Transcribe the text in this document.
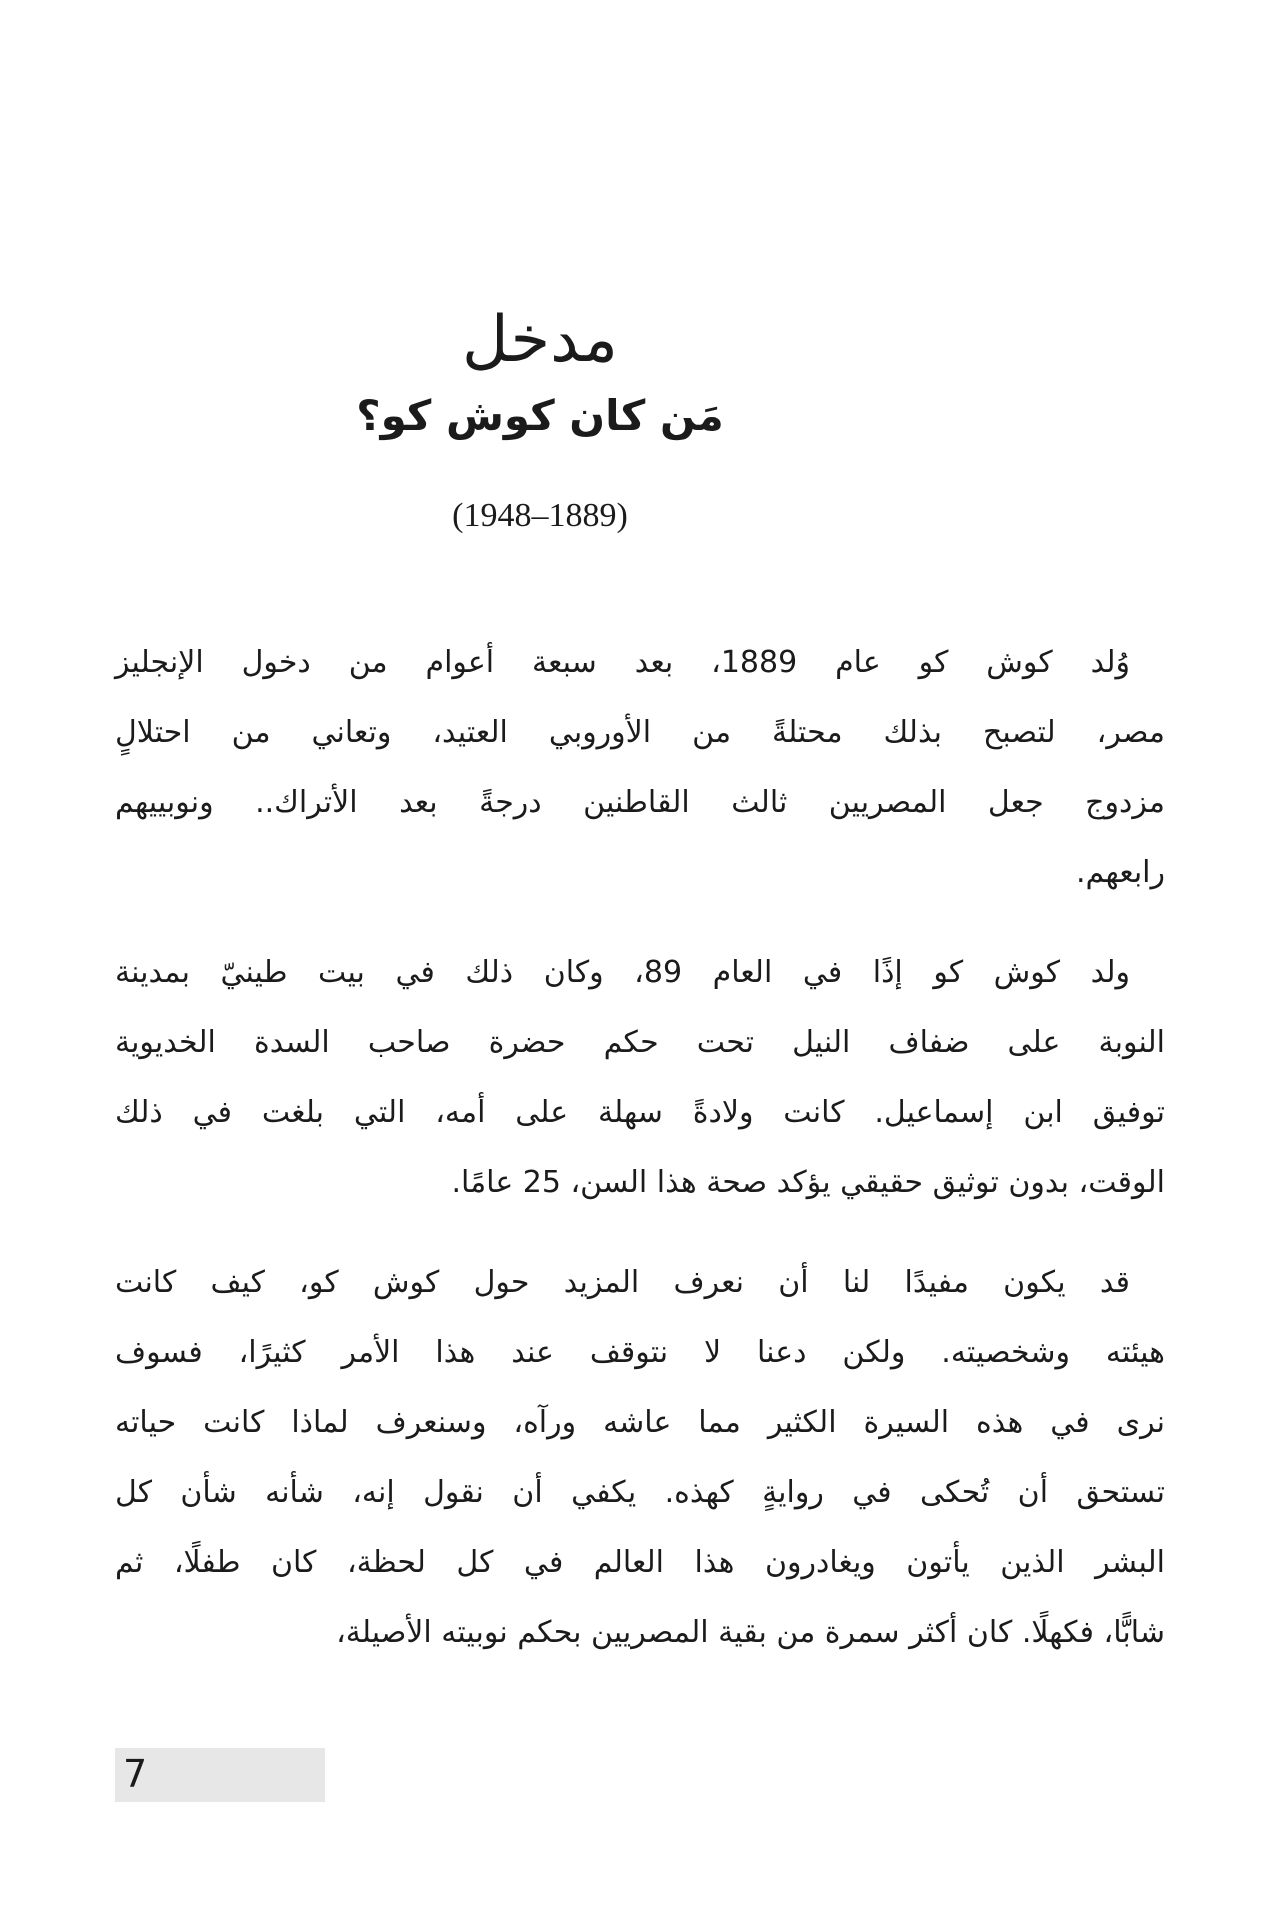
مدخل
مَن كان كوش كو؟
(1889–1948)

وُلد كوش كو عام 1889، بعد سبعة أعوام من دخول الإنجليز
مصر، لتصبح بذلك محتلةً من الأوروبي العتيد، وتعاني من احتلالٍ
مزدوج جعل المصريين ثالث القاطنين درجةً بعد الأتراك.. ونوبييهم
رابعهم.

ولد كوش كو إذًا في العام 89، وكان ذلك في بيت طينيّ بمدينة
النوبة على ضفاف النيل تحت حكم حضرة صاحب السدة الخديوية
توفيق ابن إسماعيل. كانت ولادةً سهلة على أمه، التي بلغت في ذلك
الوقت، بدون توثيق حقيقي يؤكد صحة هذا السن، 25 عامًا.

قد يكون مفيدًا لنا أن نعرف المزيد حول كوش كو، كيف كانت
هيئته وشخصيته. ولكن دعنا لا نتوقف عند هذا الأمر كثيرًا، فسوف
نرى في هذه السيرة الكثير مما عاشه ورآه، وسنعرف لماذا كانت حياته
تستحق أن تُحكى في روايةٍ كهذه. يكفي أن نقول إنه، شأنه شأن كل
البشر الذين يأتون ويغادرون هذا العالم في كل لحظة، كان طفلًا، ثم
شابًّا، فكهلًا. كان أكثر سمرة من بقية المصريين بحكم نوبيته الأصيلة،

7
